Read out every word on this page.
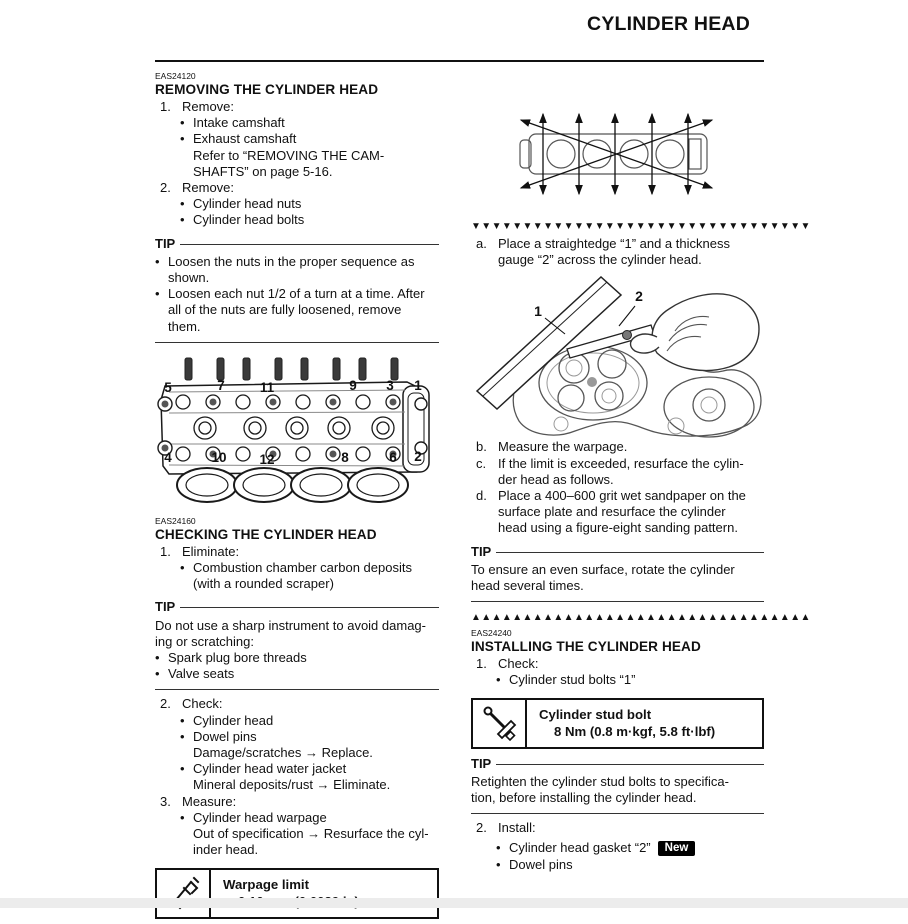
CYLINDER HEAD
EAS24120
REMOVING THE CYLINDER HEAD
1. Remove:
•
Intake camshaft
•
Exhaust camshaft
Refer to “REMOVING THE CAM-
SHAFTS” on page 5-16.
2. Remove:
•
Cylinder head nuts
•
Cylinder head bolts
TIP
•
Loosen the nuts in the proper sequence as
shown.
•
Loosen each nut 1/2 of a turn at a time. After
all of the nuts are fully loosened, remove
them.
5	7	11	9 3 1
4	10 12	8	6 2
EAS24160
CHECKING THE CYLINDER HEAD
1. Eliminate:
•
Combustion chamber carbon deposits
(with a rounded scraper)
TIP
Do not use a sharp instrument to avoid damag-
ing or scratching:
•
Spark plug bore threads
•
Valve seats
2. Check:
•
Cylinder head
•
Dowel pins
Damage/scratches → Replace.
•
Cylinder head water jacket
Mineral deposits/rust → Eliminate.
3. Measure:
•
Cylinder head warpage
Out of specification → Resurface the cyl-
inder head.
Warpage limit
▼▼▼▼▼▼▼▼▼▼▼▼▼▼▼▼▼▼▼▼▼▼▼▼▼▼▼▼▼▼▼▼▼
a. Place a straightedge “1” and a thickness
gauge “2” across the cylinder head.
1
2
b. Measure the warpage.
c. If the limit is exceeded, resurface the cylin-
der head as follows.
d. Place a 400–600 grit wet sandpaper on the
surface plate and resurface the cylinder
head using a figure-eight sanding pattern.
TIP
To ensure an even surface, rotate the cylinder
head several times.
▲▲▲▲▲▲▲▲▲▲▲▲▲▲▲▲▲▲▲▲▲▲▲▲▲▲▲▲▲▲▲▲▲
EAS24240
INSTALLING THE CYLINDER HEAD
1. Check:
•
Cylinder stud bolts “1”
Cylinder stud bolt
8 Nm (0.8 m·kgf, 5.8 ft·lbf)
TIP
Retighten the cylinder stud bolts to specifica-
tion, before installing the cylinder head.
2. Install:
•
Cylinder head gasket “2” New
•
Dowel pins
